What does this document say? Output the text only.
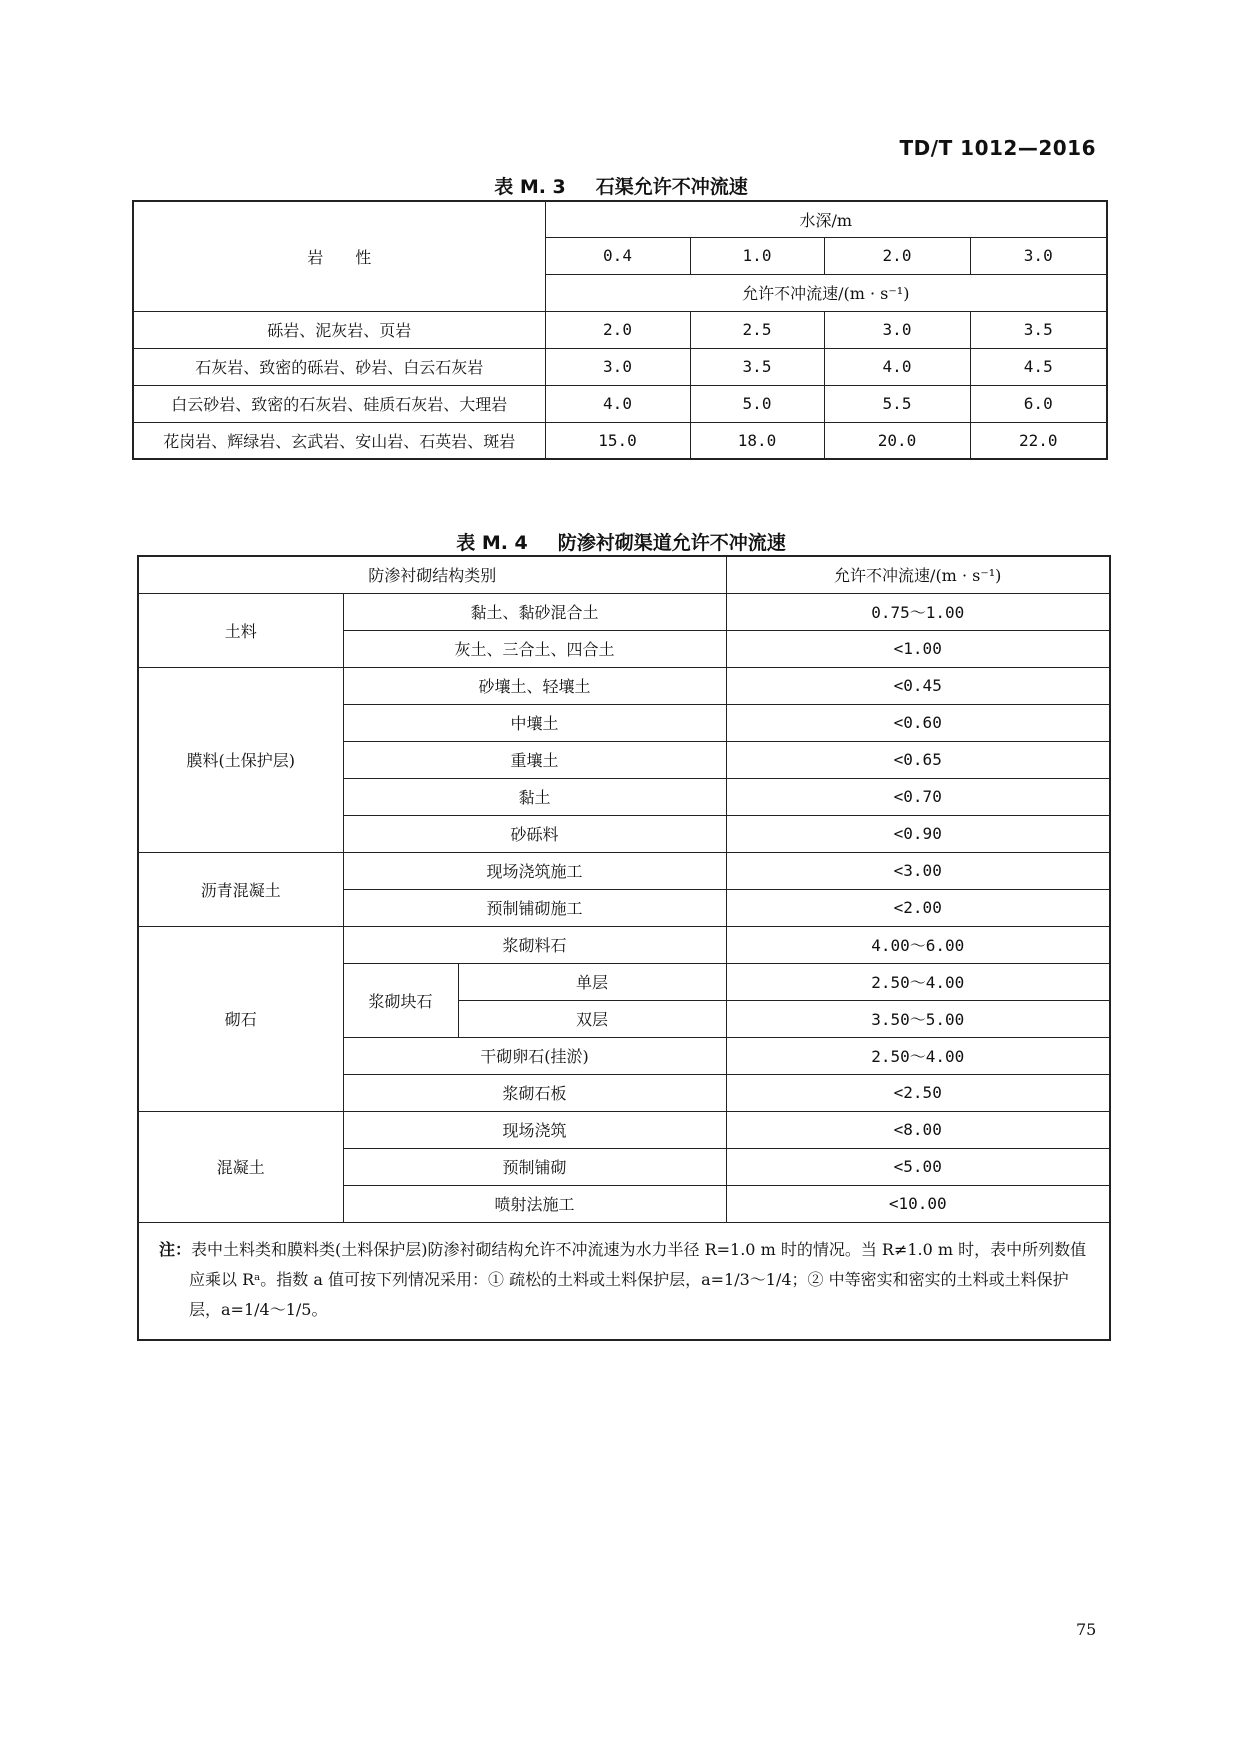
TD/T 1012—2016
表 M. 3 石渠允许不冲流速
岩　　性	水深/m			
	0.4	1.0	2.0	3.0
	允许不冲流速/(m · s⁻¹)			
砾岩、泥灰岩、页岩	2.0	2.5	3.0	3.5
石灰岩、致密的砾岩、砂岩、白云石灰岩	3.0	3.5	4.0	4.5
白云砂岩、致密的石灰岩、硅质石灰岩、大理岩	4.0	5.0	5.5	6.0
花岗岩、辉绿岩、玄武岩、安山岩、石英岩、斑岩	15.0	18.0	20.0	22.0
表 M. 4 防渗衬砌渠道允许不冲流速
防渗衬砌结构类别			允许不冲流速/(m · s⁻¹)
土料	黏土、黏砂混合土		0.75～1.00
	灰土、三合土、四合土		<1.00
膜料(土保护层)	砂壤土、轻壤土		<0.45
	中壤土		<0.60
	重壤土		<0.65
	黏土		<0.70
	砂砾料		<0.90
沥青混凝土	现场浇筑施工		<3.00
	预制铺砌施工		<2.00
砌石	浆砌料石		4.00～6.00
	浆砌块石	单层	2.50～4.00
		双层	3.50～5.00
	干砌卵石(挂淤)		2.50～4.00
	浆砌石板		<2.50
混凝土	现场浇筑		<8.00
	预制铺砌		<5.00
	喷射法施工		<10.00
注：表中土料类和膜料类(土料保护层)防渗衬砌结构允许不冲流速为水力半径 R=1.0 m 时的情况。当 R≠1.0 m 时，表中所列数值应乘以 Rᵃ。指数 a 值可按下列情况采用：① 疏松的土料或土料保护层，a=1/3～1/4；② 中等密实和密实的土料或土料保护层，a=1/4～1/5。			
75
